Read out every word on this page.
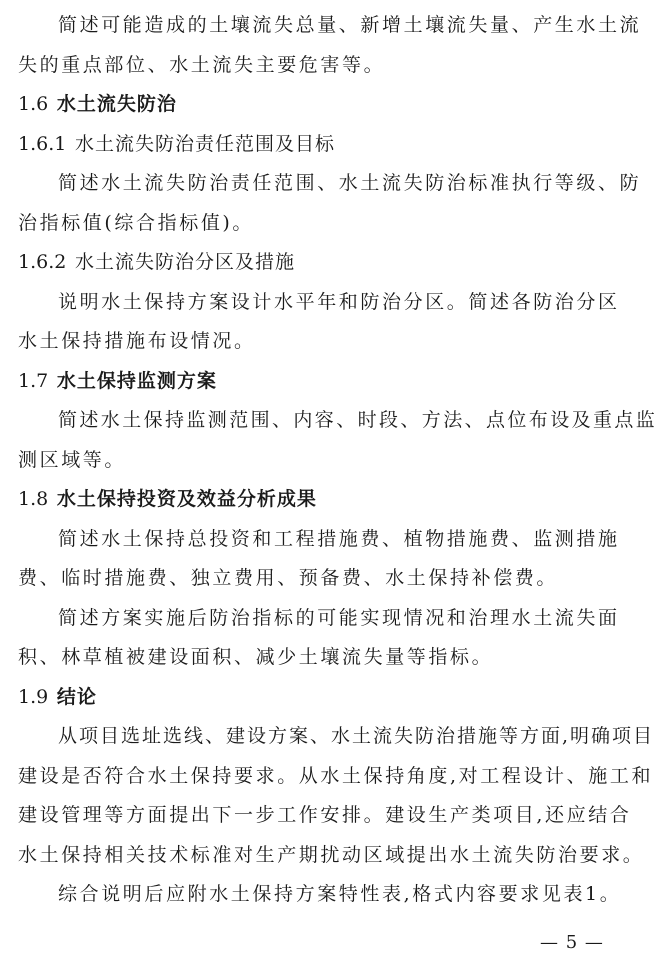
简述可能造成的土壤流失总量、新增土壤流失量、产生水土流
失的重点部位、水土流失主要危害等。
1.6 水土流失防治
1.6.1 水土流失防治责任范围及目标
简述水土流失防治责任范围、水土流失防治标准执行等级、防
治指标值(综合指标值)。
1.6.2 水土流失防治分区及措施
说明水土保持方案设计水平年和防治分区。简述各防治分区
水土保持措施布设情况。
1.7 水土保持监测方案
简述水土保持监测范围、内容、时段、方法、点位布设及重点监
测区域等。
1.8 水土保持投资及效益分析成果
简述水土保持总投资和工程措施费、植物措施费、监测措施
费、临时措施费、独立费用、预备费、水土保持补偿费。
简述方案实施后防治指标的可能实现情况和治理水土流失面
积、林草植被建设面积、减少土壤流失量等指标。
1.9 结论
从项目选址选线、建设方案、水土流失防治措施等方面,明确项目
建设是否符合水土保持要求。从水土保持角度,对工程设计、施工和
建设管理等方面提出下一步工作安排。建设生产类项目,还应结合
水土保持相关技术标准对生产期扰动区域提出水土流失防治要求。
综合说明后应附水土保持方案特性表,格式内容要求见表1。
— 5 —
